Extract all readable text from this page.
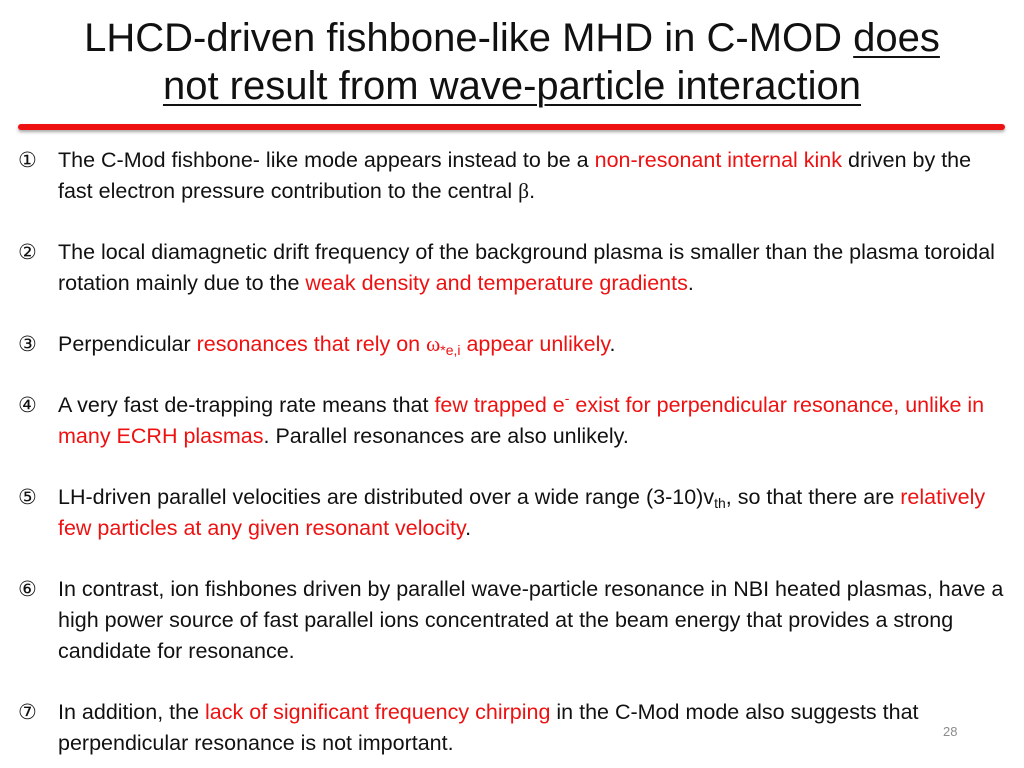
LHCD-driven fishbone-like MHD in C-MOD does
not result from wave-particle interaction
① The C-Mod fishbone- like mode appears instead to be a non-resonant internal kink driven by the fast electron pressure contribution to the central β.
② The local diamagnetic drift frequency of the background plasma is smaller than the plasma toroidal rotation mainly due to the weak density and temperature gradients.
③ Perpendicular resonances that rely on $\omega_{*e,i}$ appear unlikely.
④ A very fast de-trapping rate means that few trapped e- exist for perpendicular resonance, unlike in many ECRH plasmas. Parallel resonances are also unlikely.
⑤ LH-driven parallel velocities are distributed over a wide range $(3-10)v_{th}$, so that there are relatively few particles at any given resonant velocity.
⑥ In contrast, ion fishbones driven by parallel wave-particle resonance in NBI heated plasmas, have a high power source of fast parallel ions concentrated at the beam energy that provides a strong candidate for resonance.
⑦ In addition, the lack of significant frequency chirping in the C-Mod mode also suggests that perpendicular resonance is not important.	28
